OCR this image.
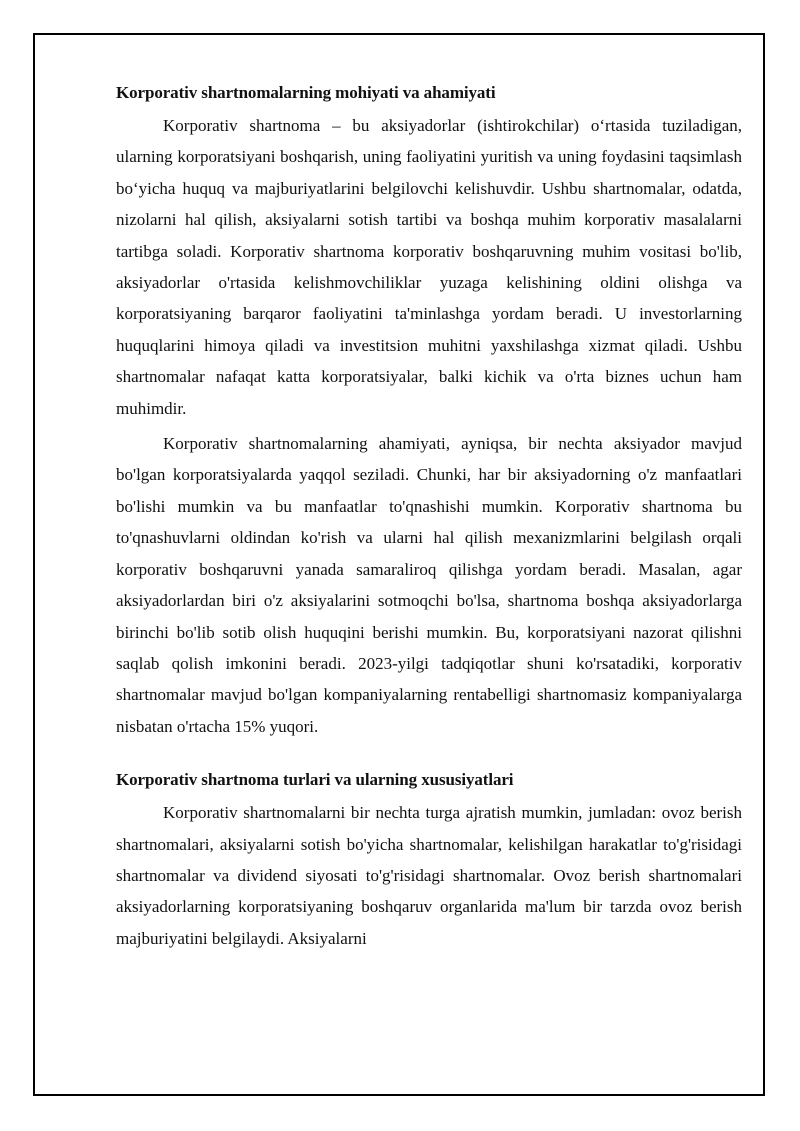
Korporativ shartnomalarning mohiyati va ahamiyati

Korporativ shartnoma – bu aksiyadorlar (ishtirokchilar) o‘rtasida tuziladigan, ularning korporatsiyani boshqarish, uning faoliyatini yuritish va uning foydasini taqsimlash bo‘yicha huquq va majburiyatlarini belgilovchi kelishuvdir. Ushbu shartnomalar, odatda, nizolarni hal qilish, aksiyalarni sotish tartibi va boshqa muhim korporativ masalalarni tartibga soladi. Korporativ shartnoma korporativ boshqaruvning muhim vositasi bo'lib, aksiyadorlar o'rtasida kelishmovchiliklar yuzaga kelishining oldini olishga va korporatsiyaning barqaror faoliyatini ta'minlashga yordam beradi. U investorlarning huquqlarini himoya qiladi va investitsion muhitni yaxshilashga xizmat qiladi. Ushbu shartnomalar nafaqat katta korporatsiyalar, balki kichik va o'rta biznes uchun ham muhimdir.

Korporativ shartnomalarning ahamiyati, ayniqsa, bir nechta aksiyador mavjud bo'lgan korporatsiyalarda yaqqol seziladi. Chunki, har bir aksiyadorning o'z manfaatlari bo'lishi mumkin va bu manfaatlar to'qnashishi mumkin. Korporativ shartnoma bu to'qnashuvlarni oldindan ko'rish va ularni hal qilish mexanizmlarini belgilash orqali korporativ boshqaruvni yanada samaraliroq qilishga yordam beradi. Masalan, agar aksiyadorlardan biri o'z aksiyalarini sotmoqchi bo'lsa, shartnoma boshqa aksiyadorlarga birinchi bo'lib sotib olish huquqini berishi mumkin. Bu, korporatsiyani nazorat qilishni saqlab qolish imkonini beradi. 2023-yilgi tadqiqotlar shuni ko'rsatadiki, korporativ shartnomalar mavjud bo'lgan kompaniyalarning rentabelligi shartnomasiz kompaniyalarga nisbatan o'rtacha 15% yuqori.

Korporativ shartnoma turlari va ularning xususiyatlari

Korporativ shartnomalarni bir nechta turga ajratish mumkin, jumladan: ovoz berish shartnomalari, aksiyalarni sotish bo'yicha shartnomalar, kelishilgan harakatlar to'g'risidagi shartnomalar va dividend siyosati to'g'risidagi shartnomalar. Ovoz berish shartnomalari aksiyadorlarning korporatsiyaning boshqaruv organlarida ma'lum bir tarzda ovoz berish majburiyatini belgilaydi. Aksiyalarni
